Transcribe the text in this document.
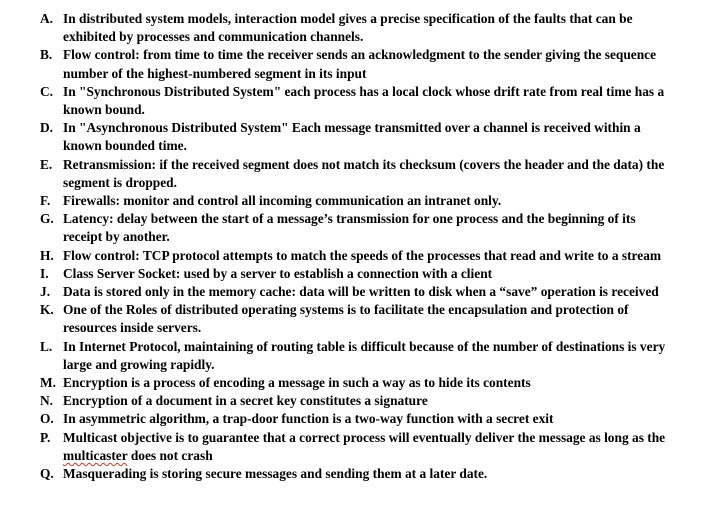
A. In distributed system models, interaction model gives a precise specification of the faults that can be exhibited by processes and communication channels.
B. Flow control: from time to time the receiver sends an acknowledgment to the sender giving the sequence number of the highest-numbered segment in its input
C. In "Synchronous Distributed System" each process has a local clock whose drift rate from real time has a known bound.
D. In "Asynchronous Distributed System" Each message transmitted over a channel is received within a known bounded time.
E. Retransmission: if the received segment does not match its checksum (covers the header and the data) the segment is dropped.
F. Firewalls: monitor and control all incoming communication an intranet only.
G. Latency: delay between the start of a message’s transmission for one process and the beginning of its receipt by another.
H. Flow control: TCP protocol attempts to match the speeds of the processes that read and write to a stream
I. Class Server Socket: used by a server to establish a connection with a client
J. Data is stored only in the memory cache: data will be written to disk when a “save” operation is received
K. One of the Roles of distributed operating systems is to facilitate the encapsulation and protection of resources inside servers.
L. In Internet Protocol, maintaining of routing table is difficult because of the number of destinations is very large and growing rapidly.
M. Encryption is a process of encoding a message in such a way as to hide its contents
N. Encryption of a document in a secret key constitutes a signature
O. In asymmetric algorithm, a trap-door function is a two-way function with a secret exit
P. Multicast objective is to guarantee that a correct process will eventually deliver the message as long as the multicaster does not crash
Q. Masquerading is storing secure messages and sending them at a later date.
